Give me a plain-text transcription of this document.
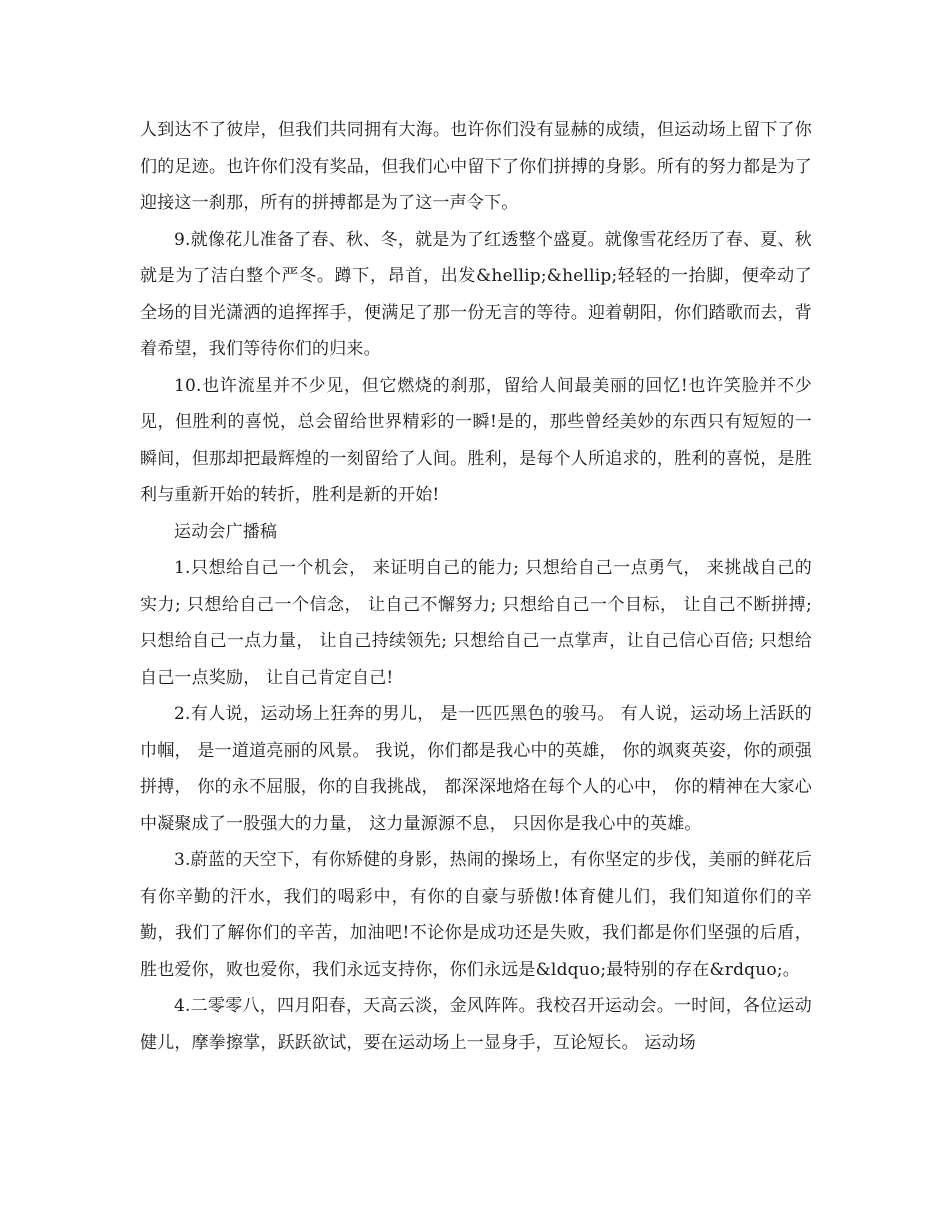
人到达不了彼岸，但我们共同拥有大海。也许你们没有显赫的成绩，但运动场上留下了你们的足迹。也许你们没有奖品，但我们心中留下了你们拼搏的身影。所有的努力都是为了迎接这一刹那，所有的拼搏都是为了这一声令下。

9.就像花儿准备了春、秋、冬，就是为了红透整个盛夏。就像雪花经历了春、夏、秋就是为了洁白整个严冬。蹲下，昂首，出发&hellip;&hellip;轻轻的一抬脚，便牵动了全场的目光潇洒的追挥挥手，便满足了那一份无言的等待。迎着朝阳，你们踏歌而去，背着希望，我们等待你们的归来。

10.也许流星并不少见，但它燃烧的刹那，留给人间最美丽的回忆!也许笑脸并不少见，但胜利的喜悦，总会留给世界精彩的一瞬!是的，那些曾经美妙的东西只有短短的一瞬间，但那却把最辉煌的一刻留给了人间。胜利，是每个人所追求的，胜利的喜悦，是胜利与重新开始的转折，胜利是新的开始!

运动会广播稿

1.只想给自己一个机会， 来证明自己的能力; 只想给自己一点勇气， 来挑战自己的实力; 只想给自己一个信念， 让自己不懈努力; 只想给自己一个目标， 让自己不断拼搏; 只想给自己一点力量， 让自己持续领先; 只想给自己一点掌声，让自己信心百倍; 只想给自己一点奖励， 让自己肯定自己!

2.有人说，运动场上狂奔的男儿， 是一匹匹黑色的骏马。 有人说，运动场上活跃的巾帼， 是一道道亮丽的风景。 我说，你们都是我心中的英雄， 你的飒爽英姿，你的顽强拼搏， 你的永不屈服，你的自我挑战， 都深深地烙在每个人的心中， 你的精神在大家心中凝聚成了一股强大的力量， 这力量源源不息， 只因你是我心中的英雄。

3.蔚蓝的天空下，有你矫健的身影，热闹的操场上，有你坚定的步伐，美丽的鲜花后有你辛勤的汗水，我们的喝彩中，有你的自豪与骄傲!体育健儿们，我们知道你们的辛勤，我们了解你们的辛苦，加油吧!不论你是成功还是失败，我们都是你们坚强的后盾，胜也爱你，败也爱你，我们永远支持你，你们永远是&ldquo;最特别的存在&rdquo;。

4.二零零八，四月阳春，天高云淡，金风阵阵。我校召开运动会。一时间，各位运动健儿，摩拳擦掌，跃跃欲试，要在运动场上一显身手，互论短长。 运动场
